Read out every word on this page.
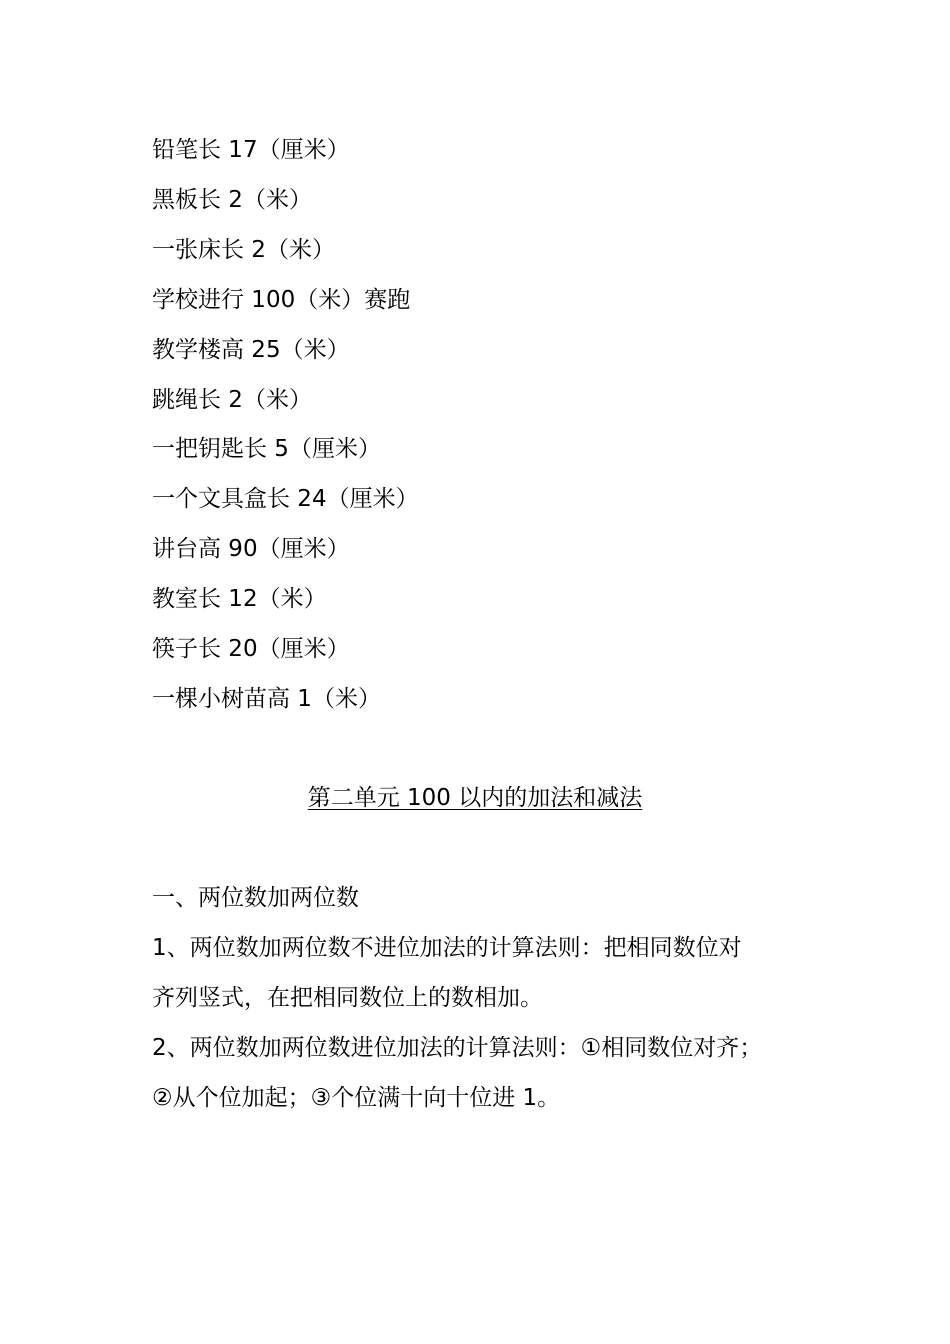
铅笔长 17（厘米）
黑板长 2（米）
一张床长 2（米）
学校进行 100（米）赛跑
教学楼高 25（米）
跳绳长 2（米）
一把钥匙长 5（厘米）
一个文具盒长 24（厘米）
讲台高 90（厘米）
教室长 12（米）
筷子长 20（厘米）
一棵小树苗高 1（米）
第二单元 100 以内的加法和减法
一、两位数加两位数
1、两位数加两位数不进位加法的计算法则：把相同数位对
齐列竖式，在把相同数位上的数相加。
2、两位数加两位数进位加法的计算法则：①相同数位对齐；
②从个位加起；③个位满十向十位进 1。
